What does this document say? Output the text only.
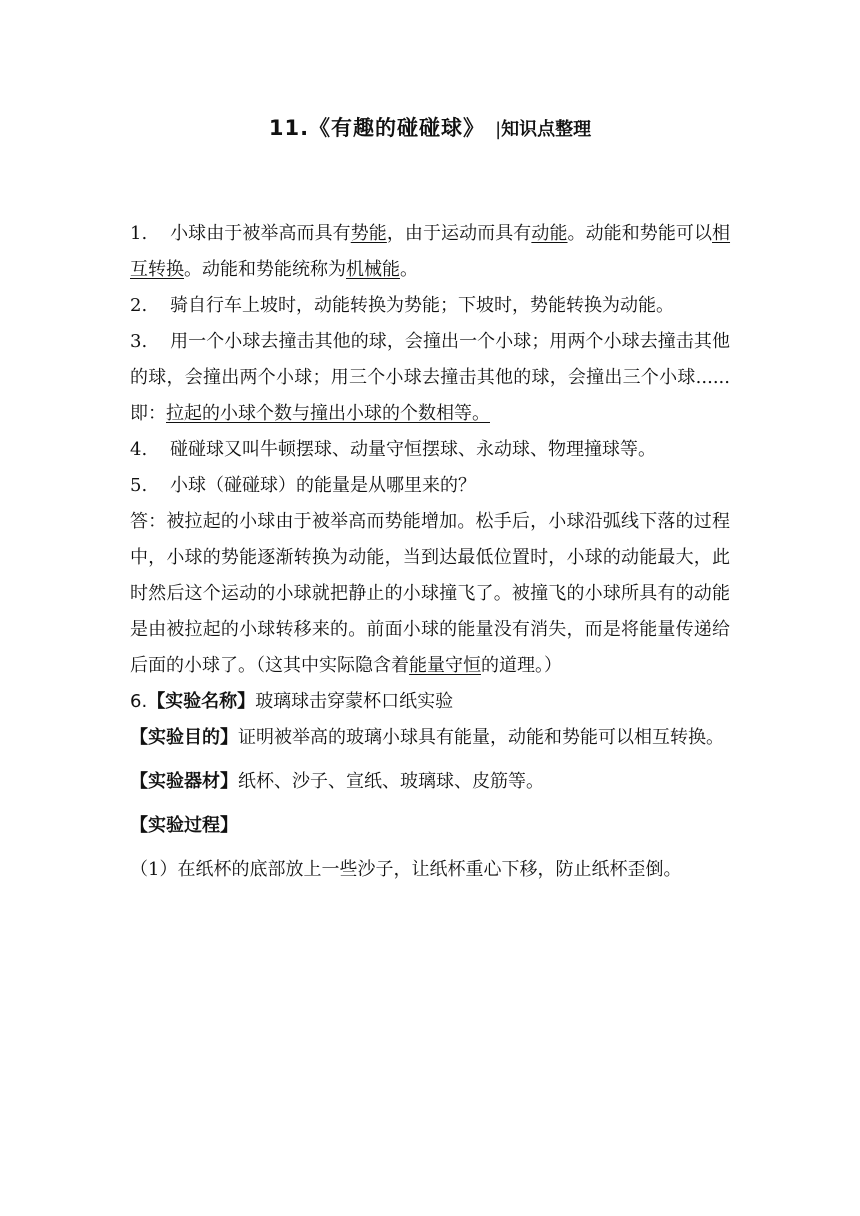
11.《有趣的碰碰球》 |知识点整理

1. 小球由于被举高而具有势能，由于运动而具有动能。动能和势能可以相互转换。动能和势能统称为机械能。

2. 骑自行车上坡时，动能转换为势能；下坡时，势能转换为动能。

3. 用一个小球去撞击其他的球，会撞出一个小球；用两个小球去撞击其他的球，会撞出两个小球；用三个小球去撞击其他的球，会撞出三个小球......即：拉起的小球个数与撞出小球的个数相等。

4. 碰碰球又叫牛顿摆球、动量守恒摆球、永动球、物理撞球等。

5. 小球（碰碰球）的能量是从哪里来的？

答：被拉起的小球由于被举高而势能增加。松手后，小球沿弧线下落的过程中，小球的势能逐渐转换为动能，当到达最低位置时，小球的动能最大，此时然后这个运动的小球就把静止的小球撞飞了。被撞飞的小球所具有的动能是由被拉起的小球转移来的。前面小球的能量没有消失，而是将能量传递给后面的小球了。（这其中实际隐含着能量守恒的道理。）

6.【实验名称】玻璃球击穿蒙杯口纸实验

【实验目的】证明被举高的玻璃小球具有能量，动能和势能可以相互转换。

【实验器材】纸杯、沙子、宣纸、玻璃球、皮筋等。

【实验过程】

（1）在纸杯的底部放上一些沙子，让纸杯重心下移，防止纸杯歪倒。
